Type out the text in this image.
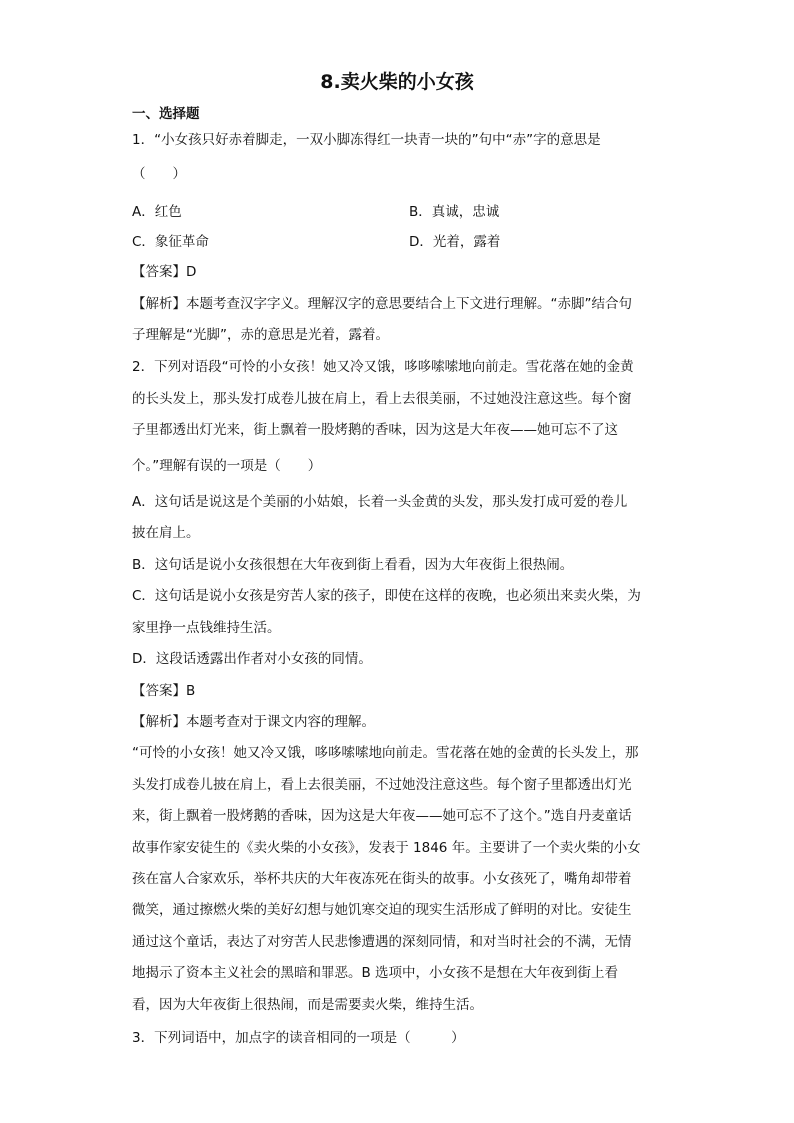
8.卖火柴的小女孩
一、选择题
1．“小女孩只好赤着脚走，一双小脚冻得红一块青一块的”句中“赤”字的意思是
（　　）
A．红色	B．真诚，忠诚
C．象征革命	D．光着，露着
【答案】D
【解析】本题考查汉字字义。理解汉字的意思要结合上下文进行理解。“赤脚”结合句
子理解是“光脚”，赤的意思是光着，露着。
2．下列对语段“可怜的小女孩！她又冷又饿，哆哆嗦嗦地向前走。雪花落在她的金黄
的长头发上，那头发打成卷儿披在肩上，看上去很美丽，不过她没注意这些。每个窗
子里都透出灯光来，街上飘着一股烤鹅的香味，因为这是大年夜——她可忘不了这
个。”理解有误的一项是（　　）
A．这句话是说这是个美丽的小姑娘，长着一头金黄的头发，那头发打成可爱的卷儿
披在肩上。
B．这句话是说小女孩很想在大年夜到街上看看，因为大年夜街上很热闹。
C．这句话是说小女孩是穷苦人家的孩子，即使在这样的夜晚，也必须出来卖火柴，为
家里挣一点钱维持生活。
D．这段话透露出作者对小女孩的同情。
【答案】B
【解析】本题考查对于课文内容的理解。
“可怜的小女孩！她又冷又饿，哆哆嗦嗦地向前走。雪花落在她的金黄的长头发上，那
头发打成卷儿披在肩上，看上去很美丽，不过她没注意这些。每个窗子里都透出灯光
来，街上飘着一股烤鹅的香味，因为这是大年夜——她可忘不了这个。”选自丹麦童话
故事作家安徒生的《卖火柴的小女孩》，发表于 1846 年。主要讲了一个卖火柴的小女
孩在富人合家欢乐，举杯共庆的大年夜冻死在街头的故事。小女孩死了，嘴角却带着
微笑，通过擦燃火柴的美好幻想与她饥寒交迫的现实生活形成了鲜明的对比。安徒生
通过这个童话，表达了对穷苦人民悲惨遭遇的深刻同情，和对当时社会的不满，无情
地揭示了资本主义社会的黑暗和罪恶。B 选项中，小女孩不是想在大年夜到街上看
看，因为大年夜街上很热闹，而是需要卖火柴，维持生活。
3．下列词语中，加点字的读音相同的一项是（　　　）
